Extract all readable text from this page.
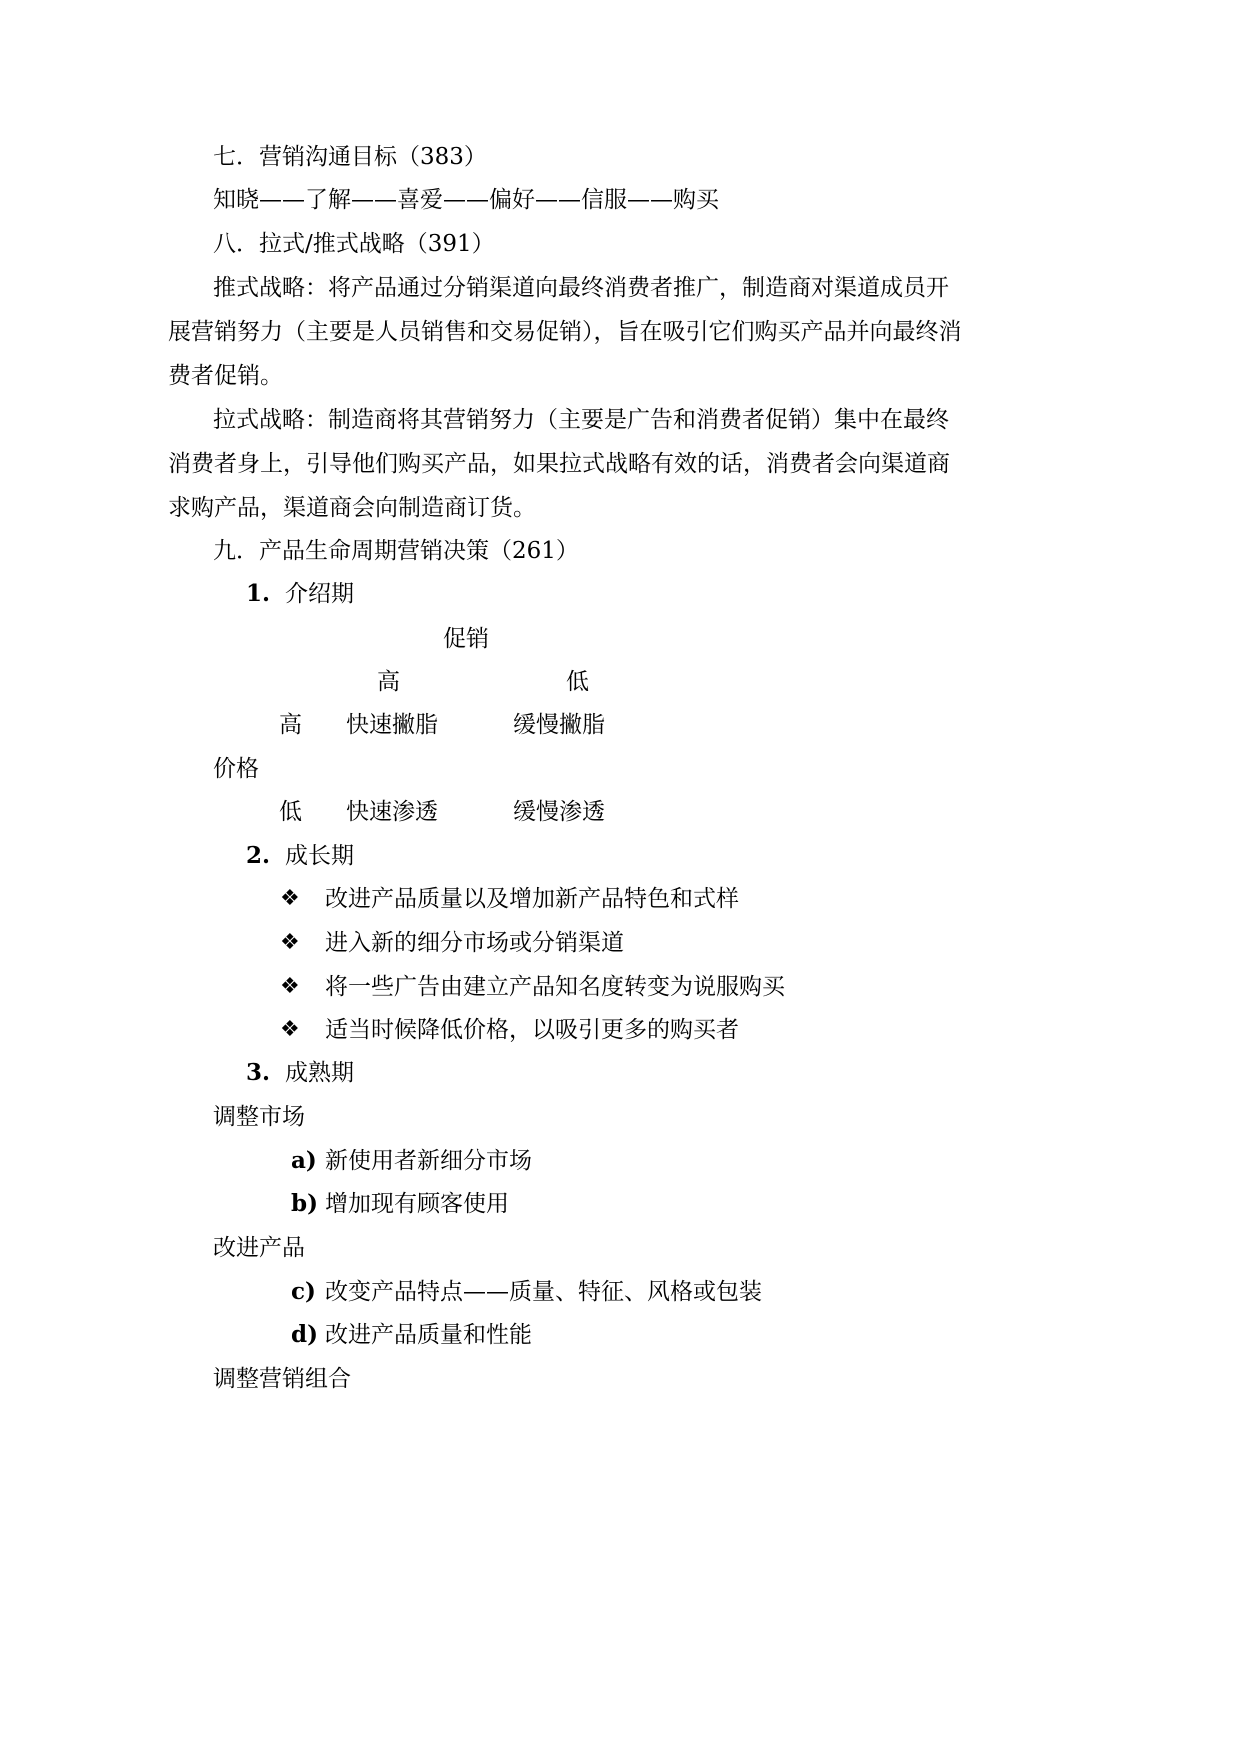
七．营销沟通目标（383）
知晓——了解——喜爱——偏好——信服——购买
八．拉式/推式战略（391）
推式战略：将产品通过分销渠道向最终消费者推广，制造商对渠道成员开
展营销努力（主要是人员销售和交易促销），旨在吸引它们购买产品并向最终消
费者促销。
拉式战略：制造商将其营销努力（主要是广告和消费者促销）集中在最终
消费者身上，引导他们购买产品，如果拉式战略有效的话，消费者会向渠道商
求购产品，渠道商会向制造商订货。
九．产品生命周期营销决策（261）
1. 介绍期
促销
高	低
高 快速撇脂	缓慢撇脂
价格
低 快速渗透	缓慢渗透
2. 成长期
❖ 改进产品质量以及增加新产品特色和式样
❖ 进入新的细分市场或分销渠道
❖ 将一些广告由建立产品知名度转变为说服购买
❖ 适当时候降低价格，以吸引更多的购买者
3. 成熟期
调整市场
a) 新使用者新细分市场
b) 增加现有顾客使用
改进产品
c) 改变产品特点——质量、特征、风格或包装
d) 改进产品质量和性能
调整营销组合
